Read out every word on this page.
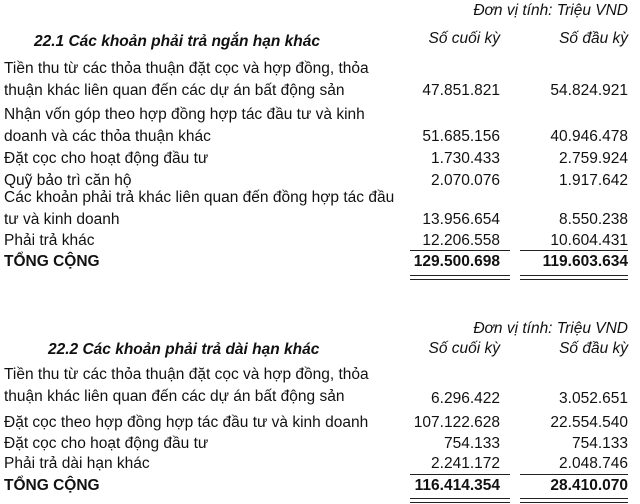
Đơn vị tính: Triệu VND
22.1 Các khoản phải trả ngắn hạn khác	Số cuối kỳ	Số đầu kỳ
Tiền thu từ các thỏa thuận đặt cọc và hợp đồng, thỏa thuận khác liên quan đến các dự án bất động sản	47.851.821	54.824.921
Nhận vốn góp theo hợp đồng hợp tác đầu tư và kinh doanh và các thỏa thuận khác	51.685.156	40.946.478
Đặt cọc cho hoạt động đầu tư	1.730.433	2.759.924
Quỹ bảo trì căn hộ	2.070.076	1.917.642
Các khoản phải trả khác liên quan đến đồng hợp tác đầu tư và kinh doanh	13.956.654	8.550.238
Phải trả khác	12.206.558	10.604.431
TỔNG CỘNG	129.500.698	119.603.634
Đơn vị tính: Triệu VND
22.2 Các khoản phải trả dài hạn khác	Số cuối kỳ	Số đầu kỳ
Tiền thu từ các thỏa thuận đặt cọc và hợp đồng, thỏa thuận khác liên quan đến các dự án bất động sản	6.296.422	3.052.651
Đặt cọc theo hợp đồng hợp tác đầu tư và kinh doanh	107.122.628	22.554.540
Đặt cọc cho hoạt động đầu tư	754.133	754.133
Phải trả dài hạn khác	2.241.172	2.048.746
TỔNG CỘNG	116.414.354	28.410.070
